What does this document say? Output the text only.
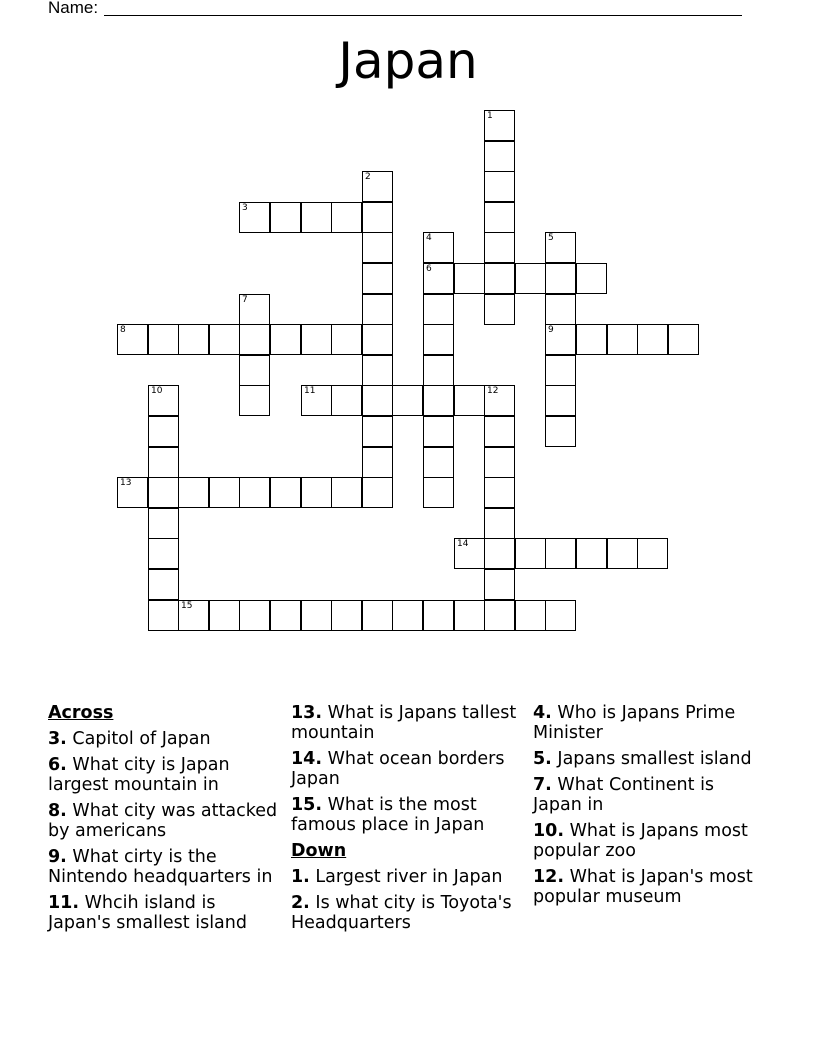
Name:
Japan
1
2
3
4
6
5
9
7
8
10	11	12
13
14
15
Across
3. Capitol of Japan
6. What city is Japan largest mountain in
8. What city was attacked by americans
9. What cirty is the Nintendo headquarters in
11. Whcih island is Japan's smallest island
13. What is Japans tallest mountain
14. What ocean borders Japan
15. What is the most famous place in Japan
Down
1. Largest river in Japan
2. Is what city is Toyota's Headquarters
4. Who is Japans Prime Minister
5. Japans smallest island
7. What Continent is Japan in
10. What is Japans most popular zoo
12. What is Japan's most popular museum
